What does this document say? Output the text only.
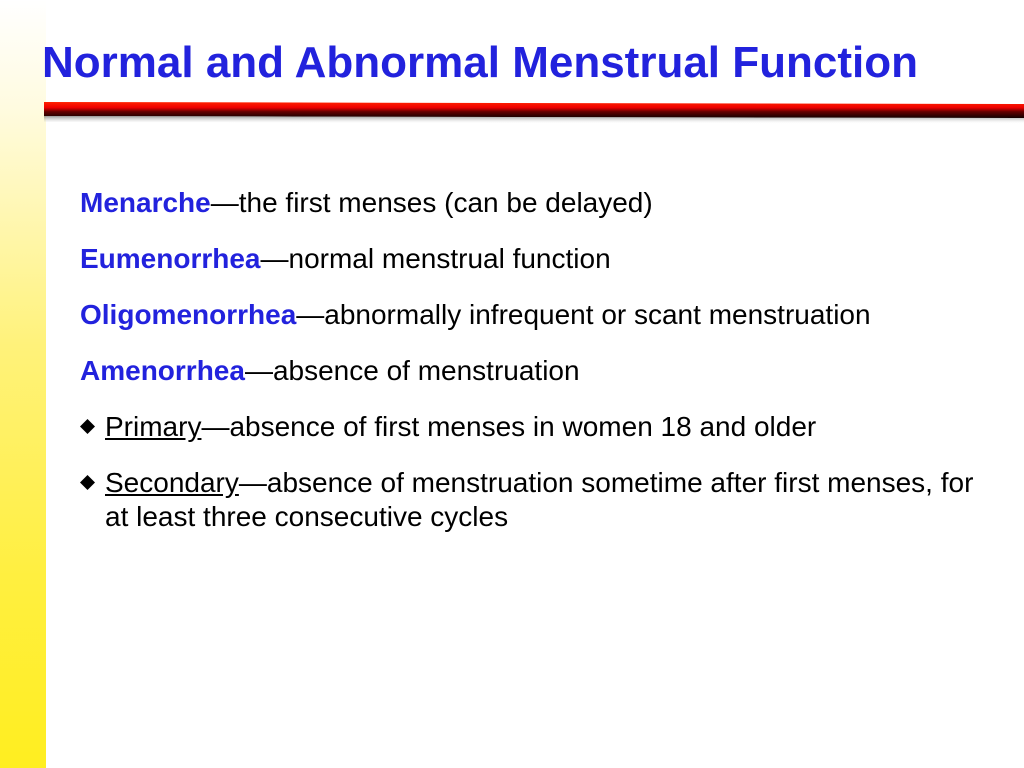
Normal and Abnormal Menstrual Function

Menarche—the first menses (can be delayed)

Eumenorrhea—normal menstrual function

Oligomenorrhea—abnormally infrequent or scant menstruation

Amenorrhea—absence of menstruation

Primary—absence of first menses in women 18 and older
Secondary—absence of menstruation sometime after first menses, for at least three consecutive cycles
